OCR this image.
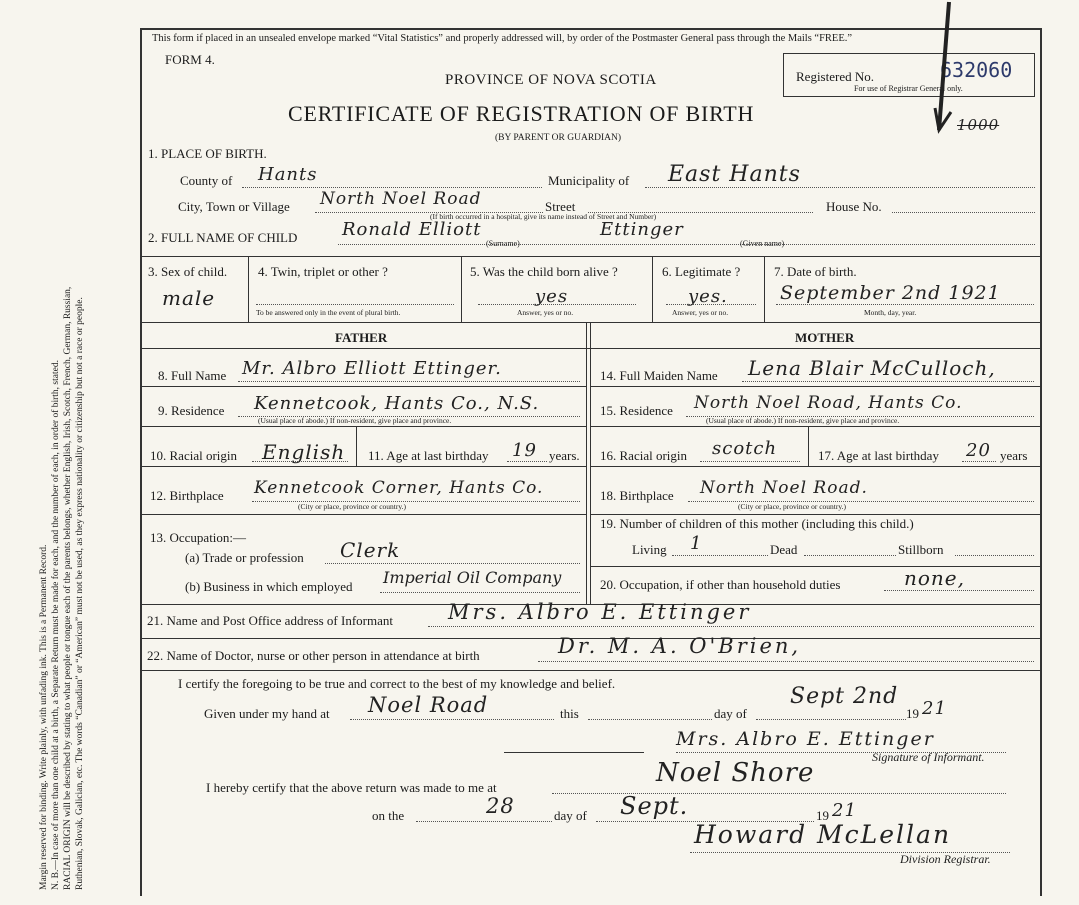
Margin reserved for binding. Write plainly, with unfading ink. This is a Permanent Record. N. B.—In case of more than one child at a birth, a Separate Return must be made for each, and the number of each, in order of birth, stated. RACIAL ORIGIN will be described by stating to what people or tongue each of the parents belongs, whether English, Irish, Scotch, French, German, Russian, Ruthenian, Slovak, Galician, etc. The words “Canadian” or “American” must not be used, as they express nationality or citizenship but not a race or people.
This form if placed in an unsealed envelope marked “Vital Statistics” and properly addressed will, by order of the Postmaster General pass through the Mails “FREE.”
FORM 4.
PROVINCE OF NOVA SCOTIA
CERTIFICATE OF REGISTRATION OF BIRTH
(BY PARENT OR GUARDIAN)
Registered No.	632060
For use of Registrar General only.
1000
1. PLACE OF BIRTH.
County of Hants	Municipality of East Hants
City, Town or Village North Noel Road	Street
(If birth occurred in a hospital, give its name instead of Street and Number)
House No.
2. FULL NAME OF CHILD Ronald Elliott	Ettinger
(Surname)	(Given name)
3. Sex of child.
male
4. Twin, triplet or other ?
To be answered only in the event of plural birth.
5. Was the child born alive ?
yes
Answer, yes or no.
6. Legitimate ?
yes.
Answer, yes or no.
7. Date of birth.
September 2nd 1921
Month, day, year.
FATHER	MOTHER
8. Full Name Mr. Albro Elliott Ettinger.
9. Residence Kennetcook, Hants Co., N.S.
(Usual place of abode.) If non-resident, give place and province.
10. Racial origin English 11. Age at last birthday 19 years.
12. Birthplace Kennetcook Corner, Hants Co.
(City or place, province or country.)
13. Occupation:—
(a) Trade or profession Clerk
(b) Business in which employed Imperial Oil Company
14. Full Maiden Name Lena Blair McCulloch,
15. Residence North Noel Road, Hants Co.
(Usual place of abode.) If non-resident, give place and province.
16. Racial origin scotch	17. Age at last birthday 20 years
18. Birthplace North Noel Road.
(City or place, province or country.)
19. Number of children of this mother (including this child.)
Living 1	Dead	Stillborn
20. Occupation, if other than household duties	none,
21. Name and Post Office address of Informant	Mrs. Albro E. Ettinger
22. Name of Doctor, nurse or other person in attendance at birth	Dr. M. A. O'Brien,
I certify the foregoing to be true and correct to the best of my knowledge and belief.
Given under my hand at Noel Road	this	day of
Sept 2nd
19 21
Mrs. Albro E. Ettinger
Signature of Informant.
I hereby certify that the above return was made to me at	Noel Shore
on the	28	day of Sept.	19 21
Howard McLellan
Division Registrar.
